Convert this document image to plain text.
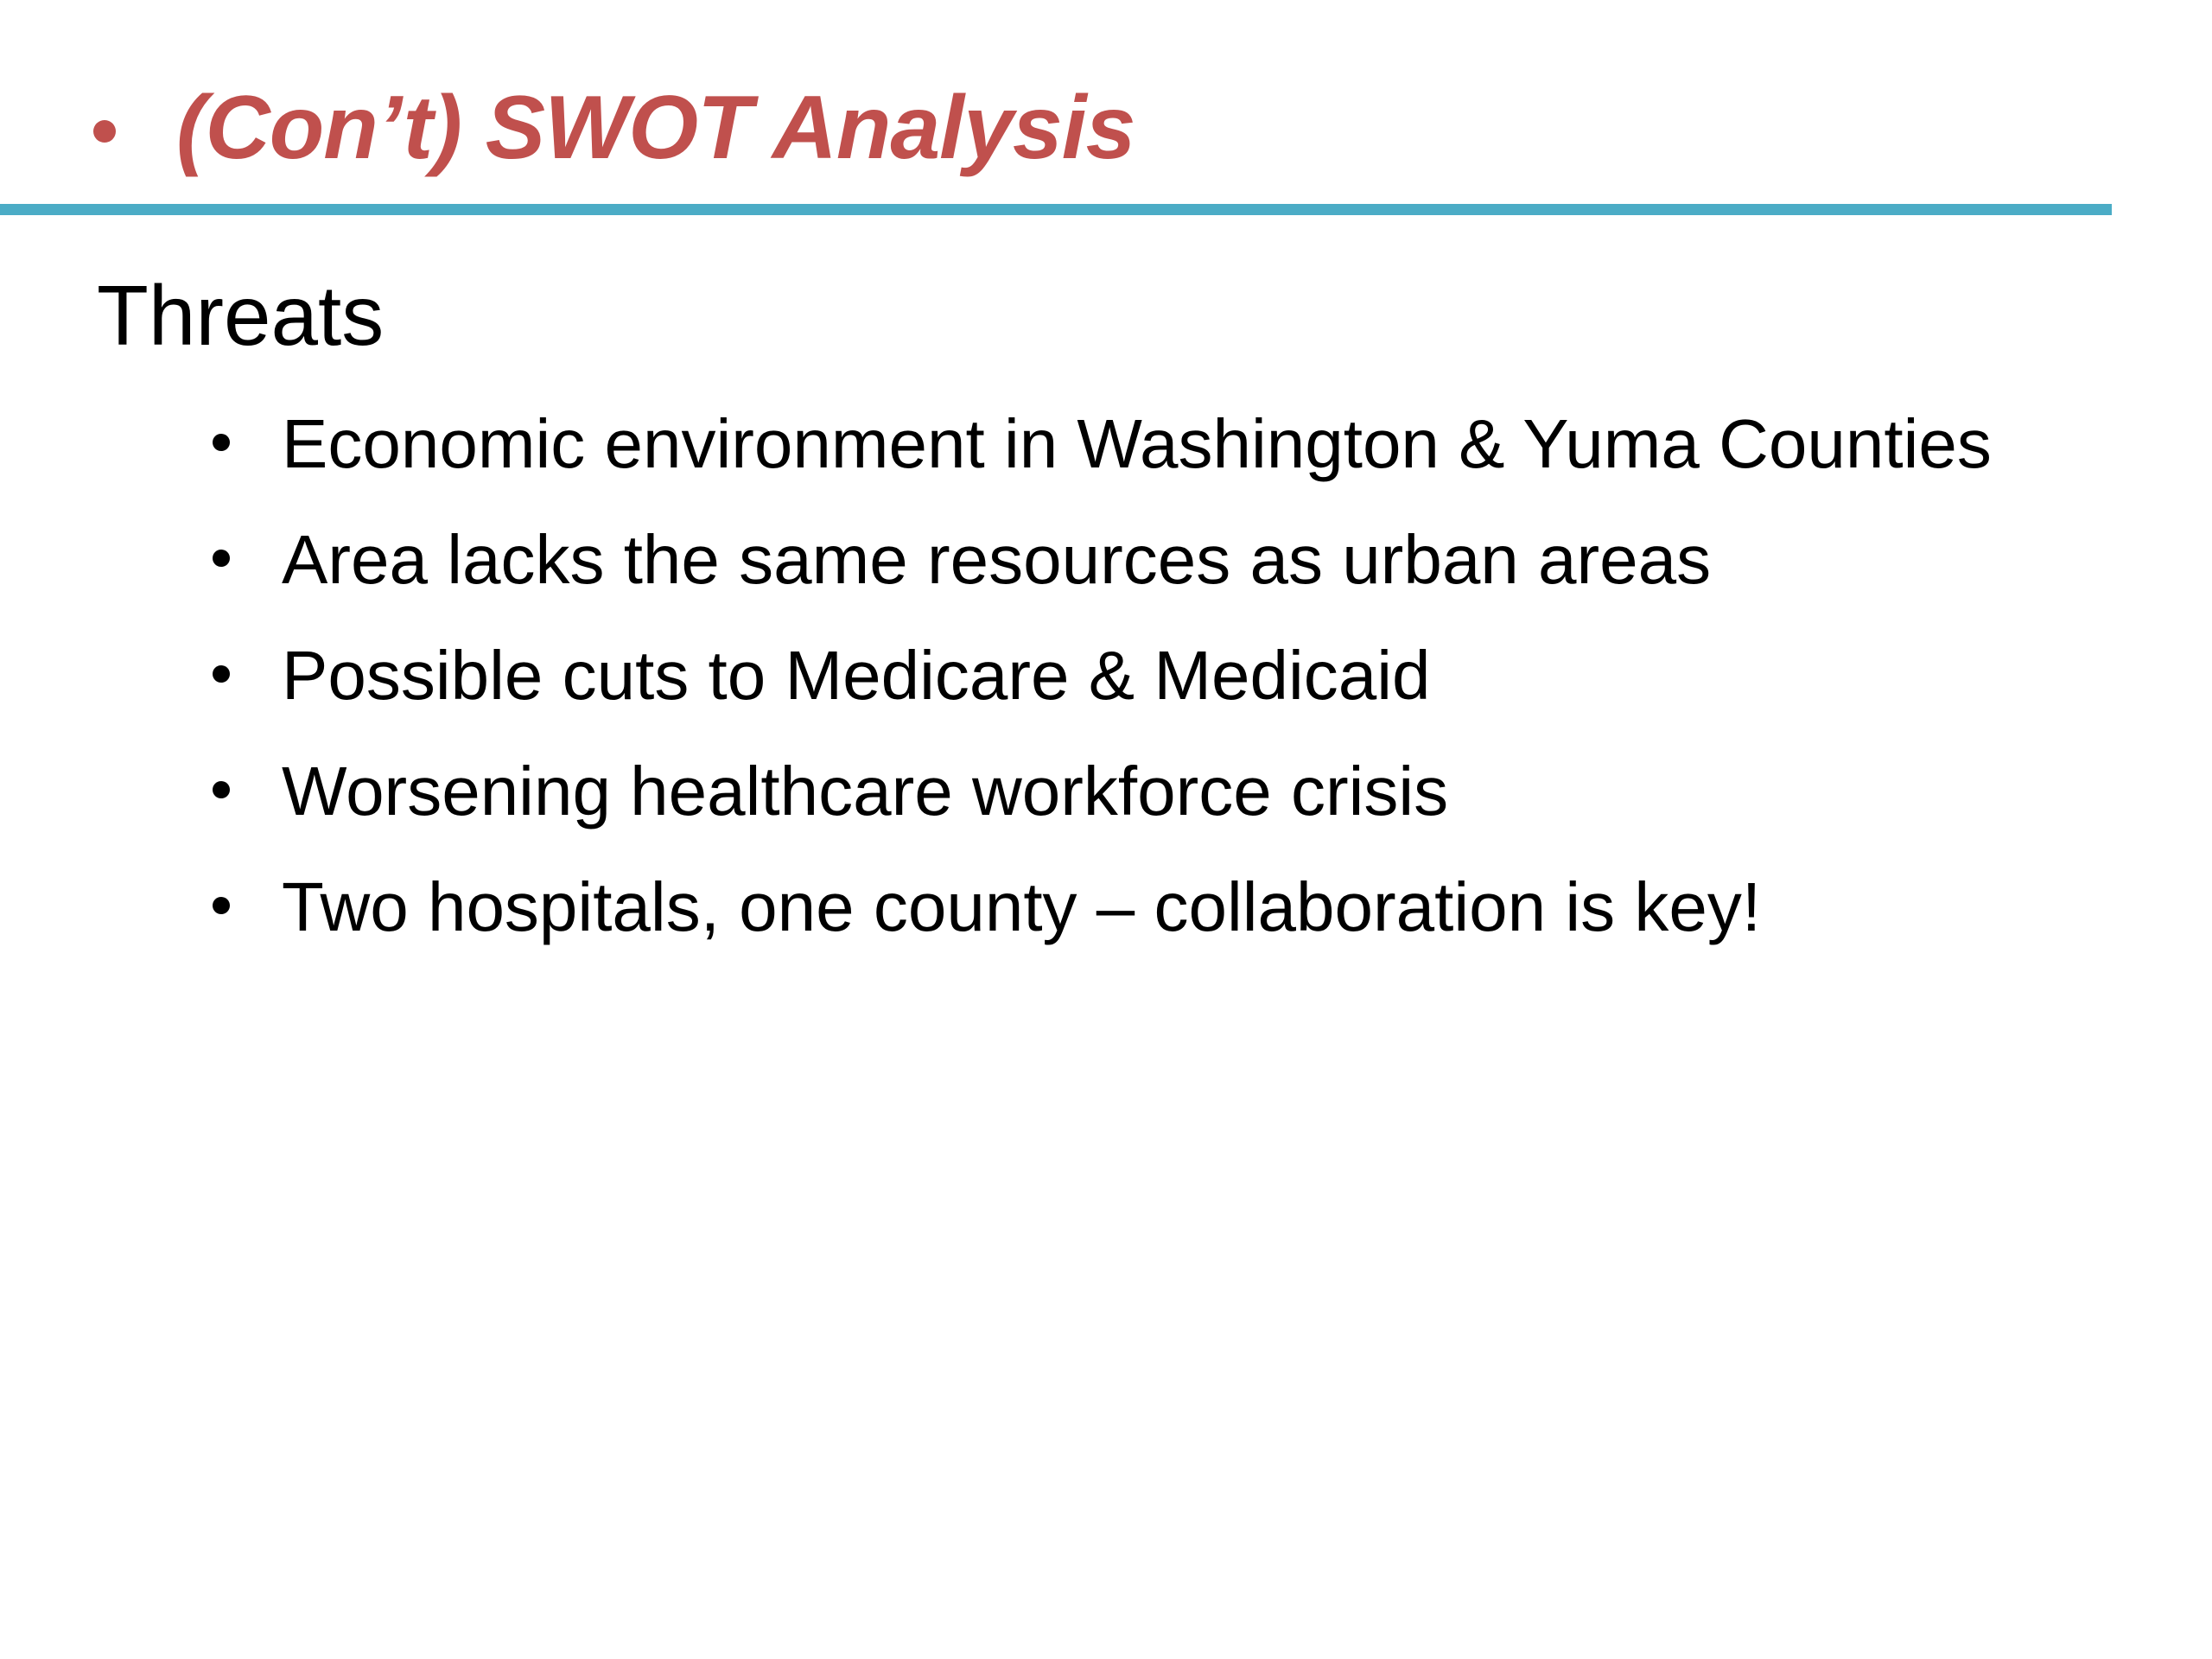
(Con’t) SWOT Analysis
Threats
Economic environment in Washington & Yuma Counties
Area lacks the same resources as urban areas
Possible cuts to Medicare & Medicaid
Worsening healthcare workforce crisis
Two hospitals, one county – collaboration is key!
